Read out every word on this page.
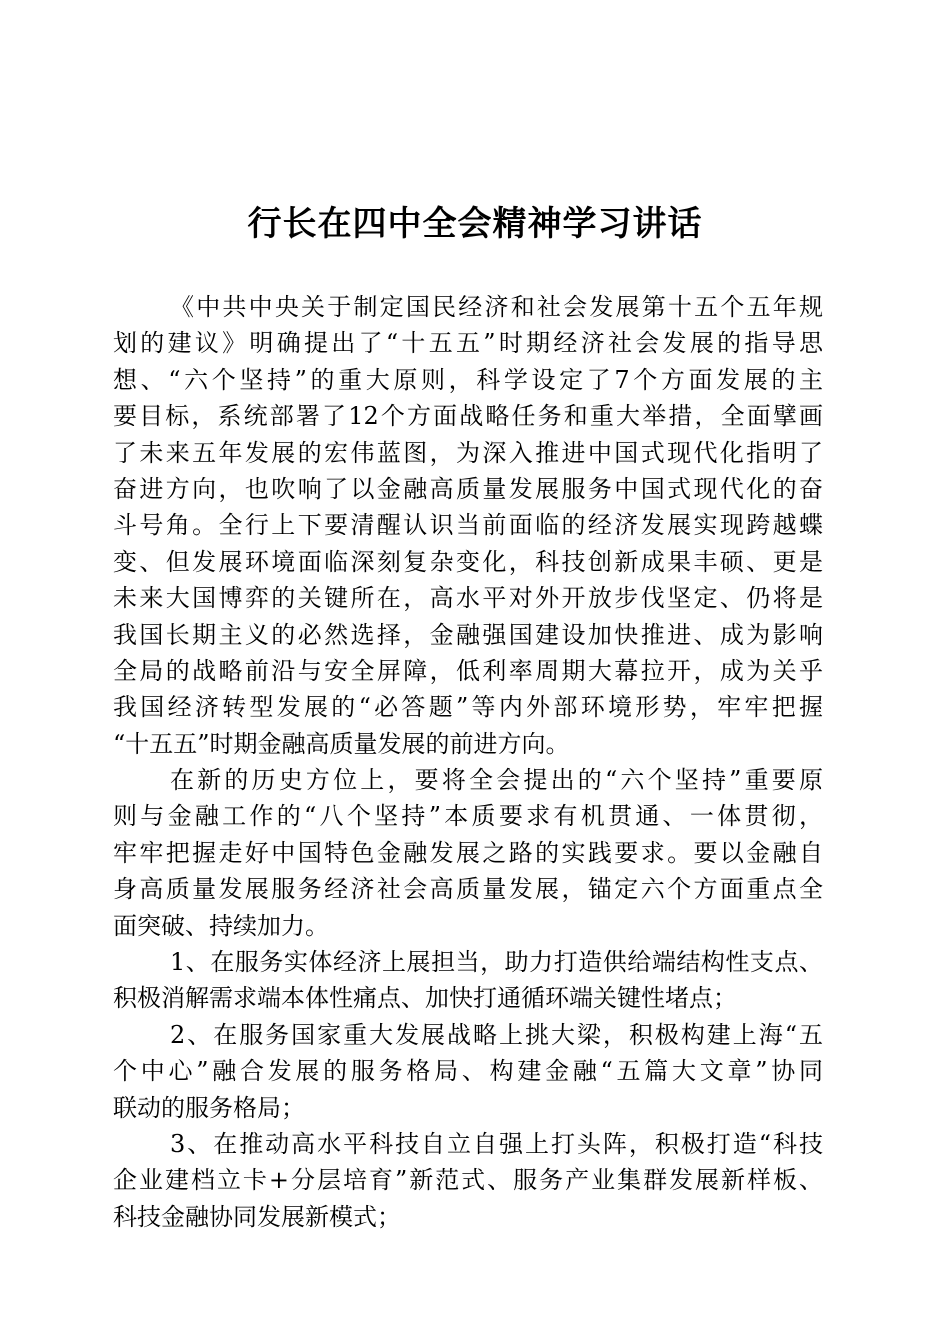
行长在四中全会精神学习讲话
《中共中央关于制定国民经济和社会发展第十五个五年规
划的建议》明确提出了“十五五”时期经济社会发展的指导思
想、“六个坚持”的重大原则，科学设定了7个方面发展的主
要目标，系统部署了12个方面战略任务和重大举措，全面擘画
了未来五年发展的宏伟蓝图，为深入推进中国式现代化指明了
奋进方向，也吹响了以金融高质量发展服务中国式现代化的奋
斗号角。全行上下要清醒认识当前面临的经济发展实现跨越蝶
变、但发展环境面临深刻复杂变化，科技创新成果丰硕、更是
未来大国博弈的关键所在，高水平对外开放步伐坚定、仍将是
我国长期主义的必然选择，金融强国建设加快推进、成为影响
全局的战略前沿与安全屏障，低利率周期大幕拉开，成为关乎
我国经济转型发展的“必答题”等内外部环境形势，牢牢把握
“十五五”时期金融高质量发展的前进方向。
在新的历史方位上，要将全会提出的“六个坚持”重要原
则与金融工作的“八个坚持”本质要求有机贯通、一体贯彻，
牢牢把握走好中国特色金融发展之路的实践要求。要以金融自
身高质量发展服务经济社会高质量发展，锚定六个方面重点全
面突破、持续加力。
1、在服务实体经济上展担当，助力打造供给端结构性支点、
积极消解需求端本体性痛点、加快打通循环端关键性堵点；
2、在服务国家重大发展战略上挑大梁，积极构建上海“五
个中心”融合发展的服务格局、构建金融“五篇大文章”协同
联动的服务格局；
3、在推动高水平科技自立自强上打头阵，积极打造“科技
企业建档立卡+分层培育”新范式、服务产业集群发展新样板、
科技金融协同发展新模式；
